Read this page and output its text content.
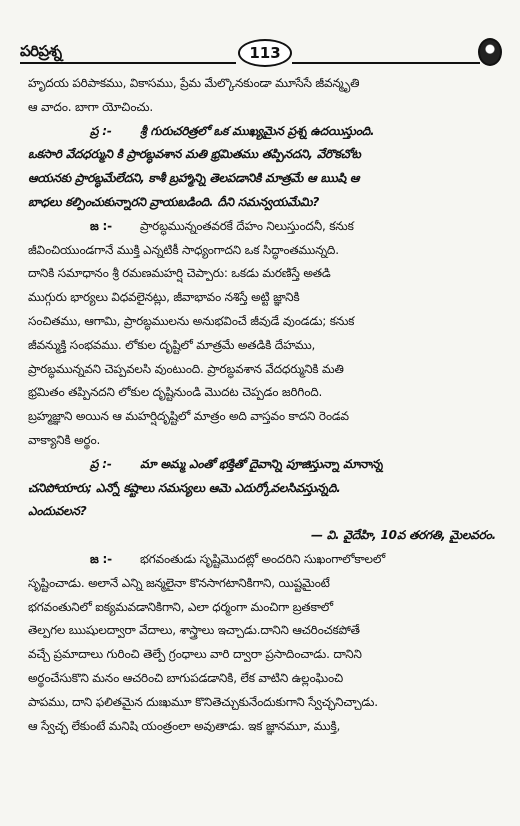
పరిప్రశ్న	113
హృదయ పరిపాకము, వికాసము, ప్రేమ మేల్కొనకుండా మూసేసే జీవన్మృతి
ఆ వాదం. బాగా యోచించు.
ప్ర :- శ్రీ గురుచరిత్రలో ఒక ముఖ్యమైన ప్రశ్న ఉదయిస్తుంది.
ఒకసారి వేదధర్ముని కి ప్రారబ్ధవశాన మతి భ్రమితము తప్పినదని, వేరొకచోట
ఆయనకు ప్రారబ్ధమేలేదని, కాశీ బ్రహ్మాన్ని తెలపడానికి మాత్రమే ఆ ఋషి ఆ
బాధలు కల్పించుకున్నారని వ్రాయబడింది. దీని సమన్వయమేమి?
జ :- ప్రారబ్ధమున్నంతవరకే దేహం నిలుస్తుందనీ, కనుక
జీవించియుండగానే ముక్తి ఎన్నటికీ సాధ్యంగాదని ఒక సిద్ధాంతమున్నది.
దానికి సమాధానం శ్రీ రమణమహర్షి చెప్పారు: ఒకడు మరణిస్తే అతడి
ముగ్గురు భార్యలు విధవలైనట్లు, జీవాభావం నశిస్తే అట్టి జ్ఞానికి
సంచితము, ఆగామి, ప్రారబ్ధములను అనుభవించే జీవుడే వుండడు; కనుక
జీవన్ముక్తి సంభవము. లోకుల దృష్టిలో మాత్రమే అతడికి దేహము,
ప్రారబ్ధమున్నవని చెప్పవలసి వుంటుంది. ప్రారబ్ధవశాన వేదధర్మునికి మతి
భ్రమితం తప్పినదని లోకుల దృష్టినుండి మొదట చెప్పడం జరిగింది.
బ్రహ్మజ్ఞాని అయిన ఆ మహర్షిదృష్టిలో మాత్రం అది వాస్తవం కాదని రెండవ
వాక్యానికి అర్థం.
ప్ర :- మా అమ్మ ఎంతో భక్తితో దైవాన్ని పూజిస్తున్నా మానాన్న
చనిపోయారు; ఎన్నో కష్టాలు సమస్యలు ఆమె ఎదుర్కోవలసివస్తున్నది.
ఎందువలన?
— వి. వైదేహి, 10వ తరగతి, మైలవరం.
జ :- భగవంతుడు సృష్టిమొదట్లో అందరిని సుఖంగాలోకాలలో
సృష్టించాడు. అలానే ఎన్ని జన్మలైనా కొనసాగటానికిగాని, యిష్టమైంటే
భగవంతునిలో ఐక్యమవడానికిగాని, ఎలా ధర్మంగా మంచిగా బ్రతకాలో
తెల్పగల ఋషులద్వారా వేదాలు, శాస్త్రాలు ఇచ్చాడు.దానిని ఆచరించకపోతే
వచ్చే ప్రమాదాలు గురించి తెల్పే గ్రంధాలు వారి ద్వారా ప్రసాదించాడు. దానిని
అర్థంచేసుకొని మనం ఆచరించి బాగుపడడానికి, లేక వాటిని ఉల్లంఘించి
పాపము, దాని ఫలితమైన దుఃఖమూ కొనితెచ్చుకునేందుకుగాని స్వేచ్ఛనిచ్చాడు.
ఆ స్వేచ్ఛ లేకుంటే మనిషి యంత్రంలా అవుతాడు. ఇక జ్ఞానమూ, ముక్తి,
